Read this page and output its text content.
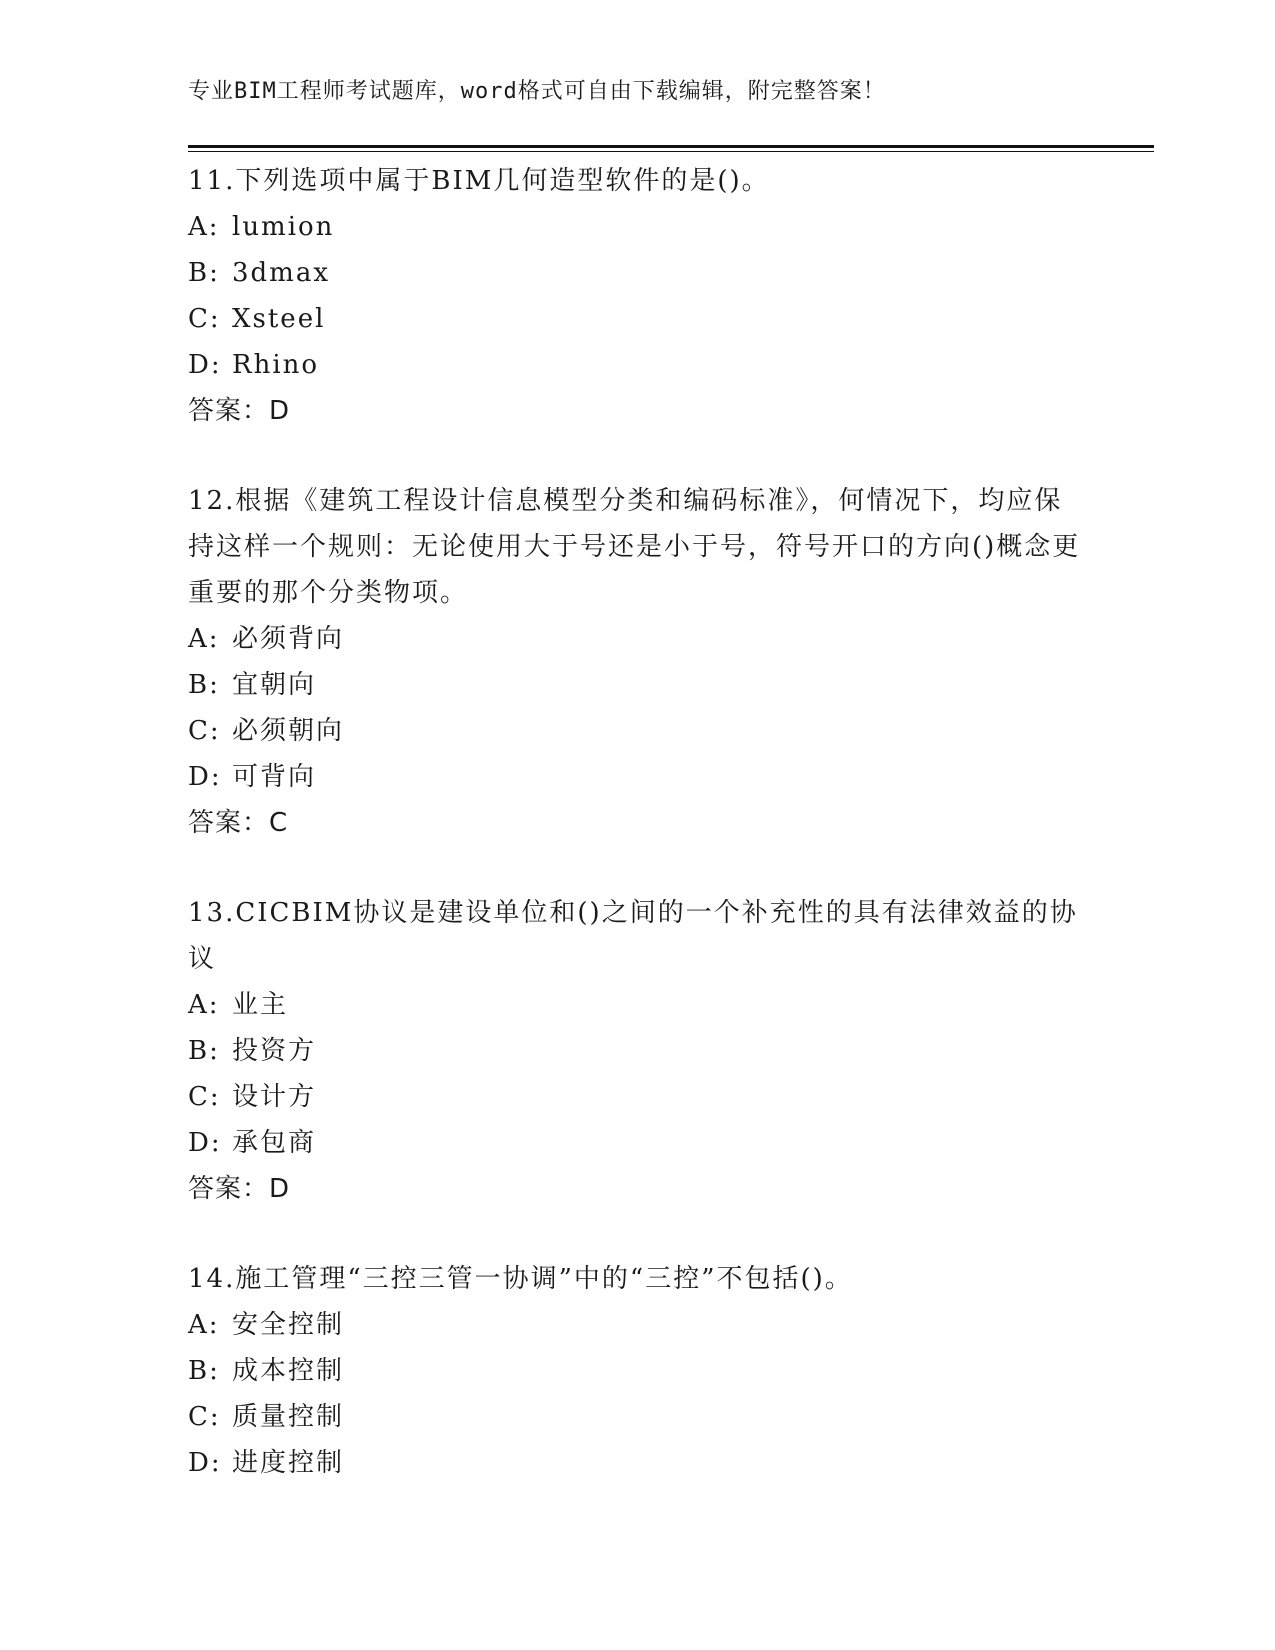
专业BIM工程师考试题库，word格式可自由下载编辑，附完整答案！

11.下列选项中属于BIM几何造型软件的是()。

A: lumion

B: 3dmax

C: Xsteel

D: Rhino

答案：D

12.根据《建筑工程设计信息模型分类和编码标准》，何情况下，均应保持这样一个规则：无论使用大于号还是小于号，符号开口的方向()概念更重要的那个分类物项。

A: 必须背向

B: 宜朝向

C: 必须朝向

D: 可背向

答案：C

13.CICBIM协议是建设单位和()之间的一个补充性的具有法律效益的协议

A: 业主

B: 投资方

C: 设计方

D: 承包商

答案：D

14.施工管理“三控三管一协调”中的“三控”不包括()。

A: 安全控制

B: 成本控制

C: 质量控制

D: 进度控制
